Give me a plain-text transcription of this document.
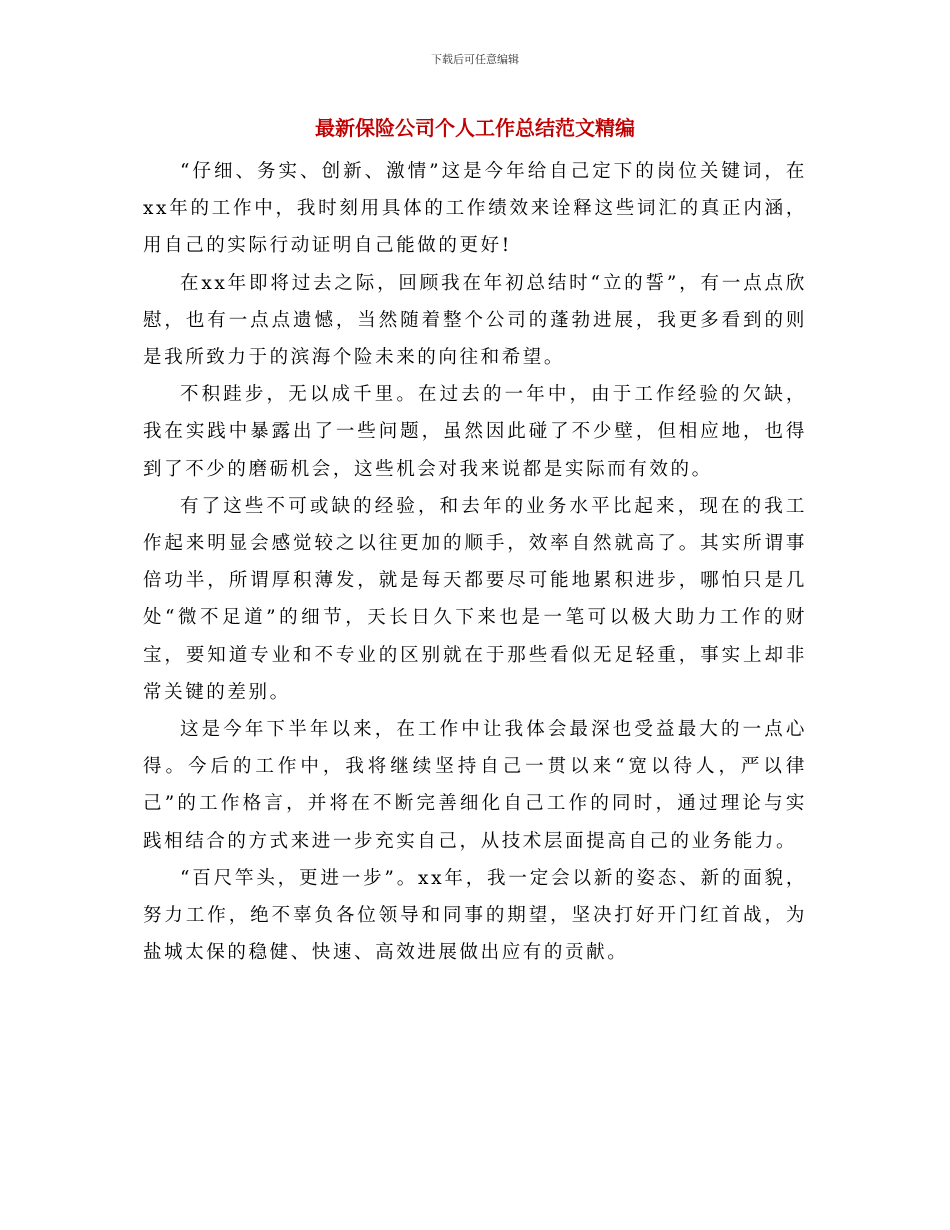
下载后可任意编辑
最新保险公司个人工作总结范文精编

“仔细、务实、创新、激情”这是今年给自己定下的岗位关键词，在xx年的工作中，我时刻用具体的工作绩效来诠释这些词汇的真正内涵，用自己的实际行动证明自己能做的更好!

在xx年即将过去之际，回顾我在年初总结时“立的誓”，有一点点欣慰，也有一点点遗憾，当然随着整个公司的蓬勃进展，我更多看到的则是我所致力于的滨海个险未来的向往和希望。

不积跬步，无以成千里。在过去的一年中，由于工作经验的欠缺，我在实践中暴露出了一些问题，虽然因此碰了不少壁，但相应地，也得到了不少的磨砺机会，这些机会对我来说都是实际而有效的。

有了这些不可或缺的经验，和去年的业务水平比起来，现在的我工作起来明显会感觉较之以往更加的顺手，效率自然就高了。其实所谓事倍功半，所谓厚积薄发，就是每天都要尽可能地累积进步，哪怕只是几处“微不足道”的细节，天长日久下来也是一笔可以极大助力工作的财宝，要知道专业和不专业的区别就在于那些看似无足轻重，事实上却非常关键的差别。

这是今年下半年以来，在工作中让我体会最深也受益最大的一点心得。今后的工作中，我将继续坚持自己一贯以来“宽以待人，严以律己”的工作格言，并将在不断完善细化自己工作的同时，通过理论与实践相结合的方式来进一步充实自己，从技术层面提高自己的业务能力。

“百尺竿头，更进一步”。xx年，我一定会以新的姿态、新的面貌，努力工作，绝不辜负各位领导和同事的期望，坚决打好开门红首战，为盐城太保的稳健、快速、高效进展做出应有的贡献。
